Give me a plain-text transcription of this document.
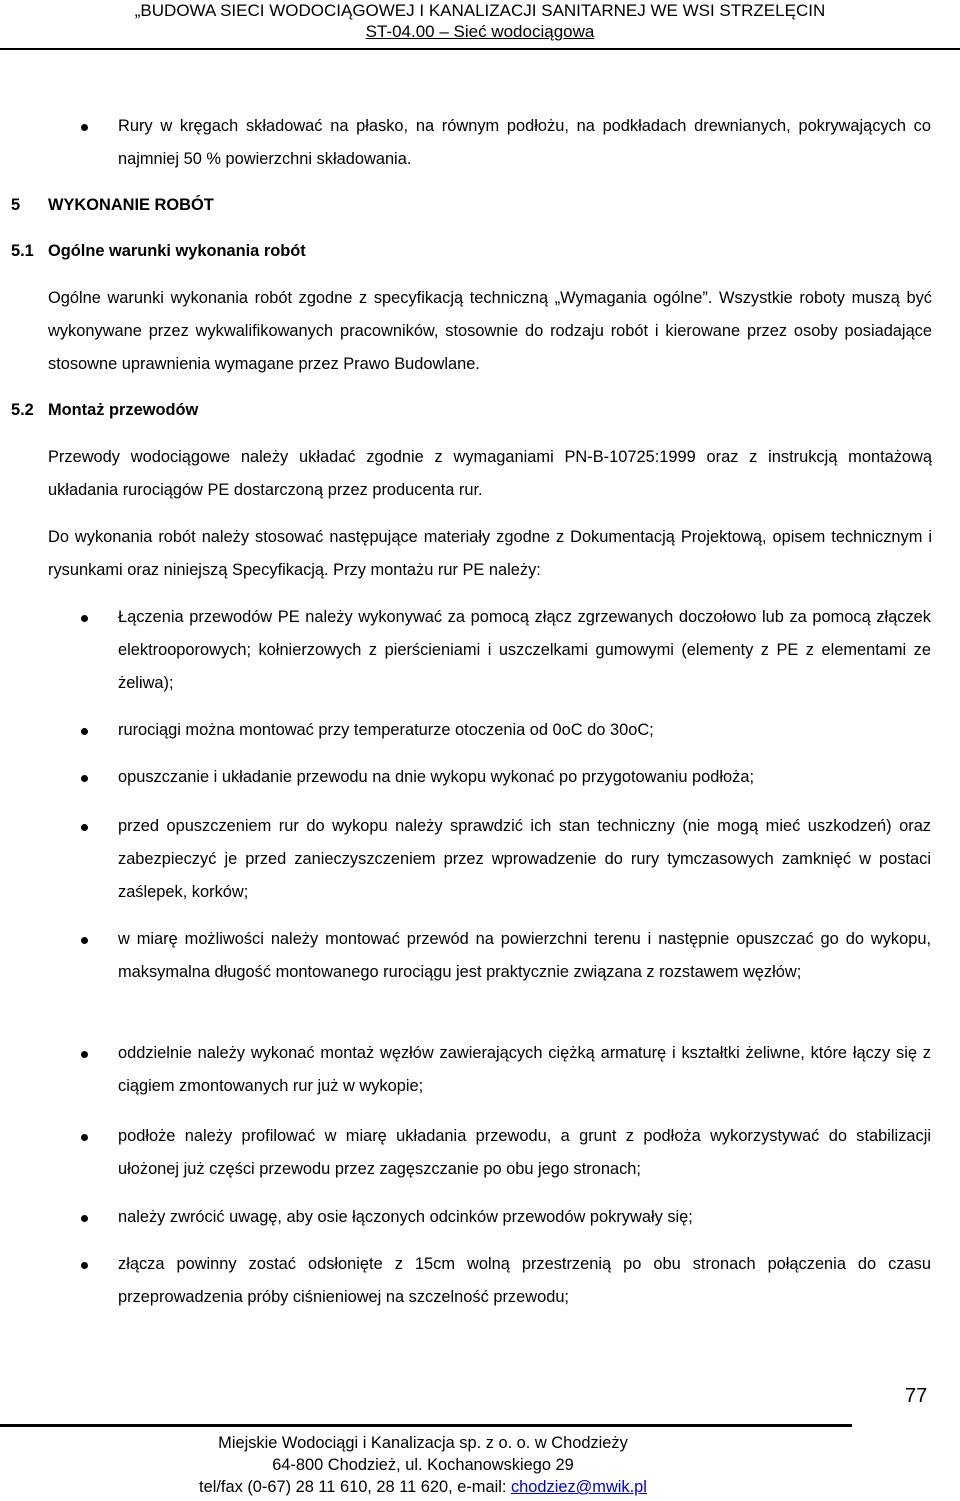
„BUDOWA SIECI WODOCIĄGOWEJ I KANALIZACJI SANITARNEJ WE WSI STRZELĘCIN
ST-04.00 – Sieć wodociągowa

Rury w kręgach składować na płasko, na równym podłożu, na podkładach drewnianych, pokrywających co najmniej 50 % powierzchni składowania.

5 WYKONANIE ROBÓT
5.1 Ogólne warunki wykonania robót

Ogólne warunki wykonania robót zgodne z specyfikacją techniczną „Wymagania ogólne”. Wszystkie roboty muszą być wykonywane przez wykwalifikowanych pracowników, stosownie do rodzaju robót i kierowane przez osoby posiadające stosowne uprawnienia wymagane przez Prawo Budowlane.

5.2 Montaż przewodów

Przewody wodociągowe należy układać zgodnie z wymaganiami PN-B-10725:1999 oraz z instrukcją montażową układania rurociągów PE dostarczoną przez producenta rur.

Do wykonania robót należy stosować następujące materiały zgodne z Dokumentacją Projektową, opisem technicznym i rysunkami oraz niniejszą Specyfikacją. Przy montażu rur PE należy:

Łączenia przewodów PE należy wykonywać za pomocą złącz zgrzewanych doczołowo lub za pomocą złączek elektrooporowych; kołnierzowych z pierścieniami i uszczelkami gumowymi (elementy z PE z elementami ze żeliwa);

rurociągi można montować przy temperaturze otoczenia od 0oC do 30oC;

opuszczanie i układanie przewodu na dnie wykopu wykonać po przygotowaniu podłoża;

przed opuszczeniem rur do wykopu należy sprawdzić ich stan techniczny (nie mogą mieć uszkodzeń) oraz zabezpieczyć je przed zanieczyszczeniem przez wprowadzenie do rury tymczasowych zamknięć w postaci zaślepek, korków;

w miarę możliwości należy montować przewód na powierzchni terenu i następnie opuszczać go do wykopu, maksymalna długość montowanego rurociągu jest praktycznie związana z rozstawem węzłów;

oddzielnie należy wykonać montaż węzłów zawierających ciężką armaturę i kształtki żeliwne, które łączy się z ciągiem zmontowanych rur już w wykopie;

podłoże należy profilować w miarę układania przewodu, a grunt z podłoża wykorzystywać do stabilizacji ułożonej już części przewodu przez zagęszczanie po obu jego stronach;

należy zwrócić uwagę, aby osie łączonych odcinków przewodów pokrywały się;

złącza powinny zostać odsłonięte z 15cm wolną przestrzenią po obu stronach połączenia do czasu przeprowadzenia próby ciśnieniowej na szczelność przewodu;

77
Miejskie Wodociągi i Kanalizacja sp. z o. o. w Chodzieży
64-800 Chodzież, ul. Kochanowskiego 29
tel/fax (0-67) 28 11 610, 28 11 620, e-mail: chodziez@mwik.pl
